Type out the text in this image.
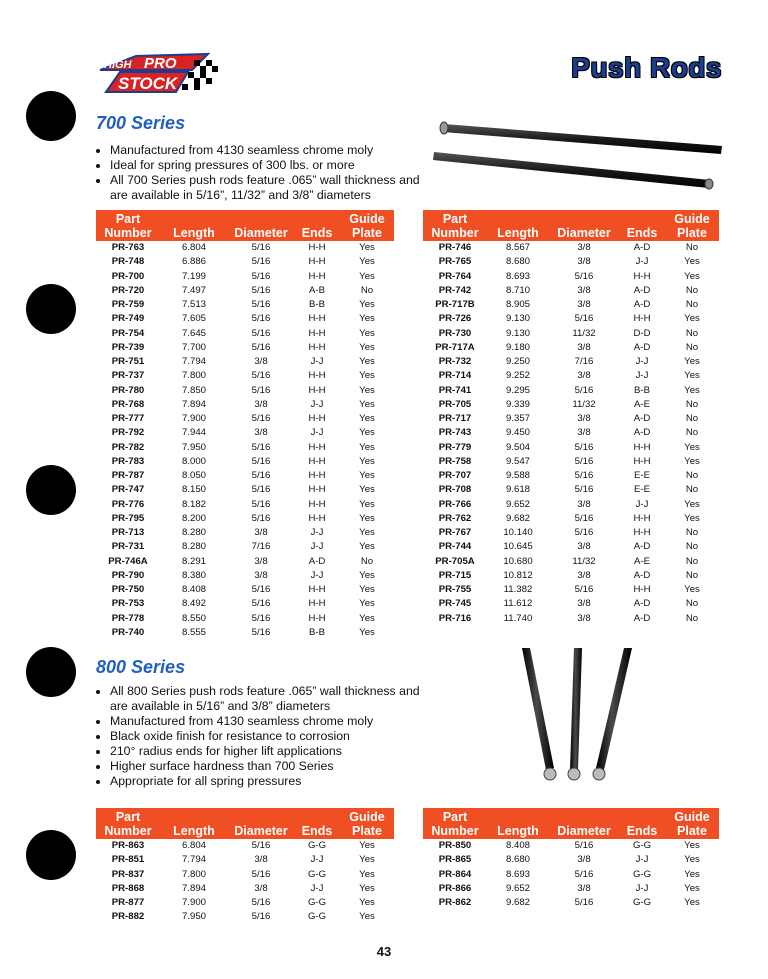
HIGH PRO
STOCK
Push Rods
700 Series
• Manufactured from 4130 seamless chrome moly
• Ideal for spring pressures of 300 lbs. or more
• All 700 Series push rods feature .065” wall thickness and are available in 5/16”, 11/32” and 3/8” diameters
Part
Number	Length	Diameter	Ends	Guide
Plate
PR-763	6.804	5/16	H-H	Yes
PR-748	6.886	5/16	H-H	Yes
PR-700	7.199	5/16	H-H	Yes
PR-720	7.497	5/16	A-B	No
PR-759	7.513	5/16	B-B	Yes
PR-749	7.605	5/16	H-H	Yes
PR-754	7.645	5/16	H-H	Yes
PR-739	7.700	5/16	H-H	Yes
PR-751	7.794	3/8	J-J	Yes
PR-737	7.800	5/16	H-H	Yes
PR-780	7.850	5/16	H-H	Yes
PR-768	7.894	3/8	J-J	Yes
PR-777	7.900	5/16	H-H	Yes
PR-792	7.944	3/8	J-J	Yes
PR-782	7.950	5/16	H-H	Yes
PR-783	8.000	5/16	H-H	Yes
PR-787	8.050	5/16	H-H	Yes
PR-747	8.150	5/16	H-H	Yes
PR-776	8.182	5/16	H-H	Yes
PR-795	8.200	5/16	H-H	Yes
PR-713	8.280	3/8	J-J	Yes
PR-731	8.280	7/16	J-J	Yes
PR-746A	8.291	3/8	A-D	No
PR-790	8.380	3/8	J-J	Yes
PR-750	8.408	5/16	H-H	Yes
PR-753	8.492	5/16	H-H	Yes
PR-778	8.550	5/16	H-H	Yes
PR-740	8.555	5/16	B-B	Yes
Part
Number	Length	Diameter	Ends	Guide
Plate
PR-746	8.567	3/8	A-D	No
PR-765	8.680	3/8	J-J	Yes
PR-764	8.693	5/16	H-H	Yes
PR-742	8.710	3/8	A-D	No
PR-717B	8.905	3/8	A-D	No
PR-726	9.130	5/16	H-H	Yes
PR-730	9.130	11/32	D-D	No
PR-717A	9.180	3/8	A-D	No
PR-732	9.250	7/16	J-J	Yes
PR-714	9.252	3/8	J-J	Yes
PR-741	9.295	5/16	B-B	Yes
PR-705	9.339	11/32	A-E	No
PR-717	9.357	3/8	A-D	No
PR-743	9.450	3/8	A-D	No
PR-779	9.504	5/16	H-H	Yes
PR-758	9.547	5/16	H-H	Yes
PR-707	9.588	5/16	E-E	No
PR-708	9.618	5/16	E-E	No
PR-766	9.652	3/8	J-J	Yes
PR-762	9.682	5/16	H-H	Yes
PR-767	10.140	5/16	H-H	No
PR-744	10.645	3/8	A-D	No
PR-705A	10.680	11/32	A-E	No
PR-715	10.812	3/8	A-D	No
PR-755	11.382	5/16	H-H	Yes
PR-745	11.612	3/8	A-D	No
PR-716	11.740	3/8	A-D	No
800 Series
• All 800 Series push rods feature .065” wall thickness and are available in 5/16” and 3/8” diameters
• Manufactured from 4130 seamless chrome moly
• Black oxide finish for resistance to corrosion
• 210° radius ends for higher lift applications
• Higher surface hardness than 700 Series
• Appropriate for all spring pressures
Part
Number	Length	Diameter	Ends	Guide
Plate
PR-863	6.804	5/16	G-G	Yes
PR-851	7.794	3/8	J-J	Yes
PR-837	7.800	5/16	G-G	Yes
PR-868	7.894	3/8	J-J	Yes
PR-877	7.900	5/16	G-G	Yes
PR-882	7.950	5/16	G-G	Yes
Part
Number	Length	Diameter	Ends	Guide
Plate
PR-850	8.408	5/16	G-G	Yes
PR-865	8.680	3/8	J-J	Yes
PR-864	8.693	5/16	G-G	Yes
PR-866	9.652	3/8	J-J	Yes
PR-862	9.682	5/16	G-G	Yes
43
